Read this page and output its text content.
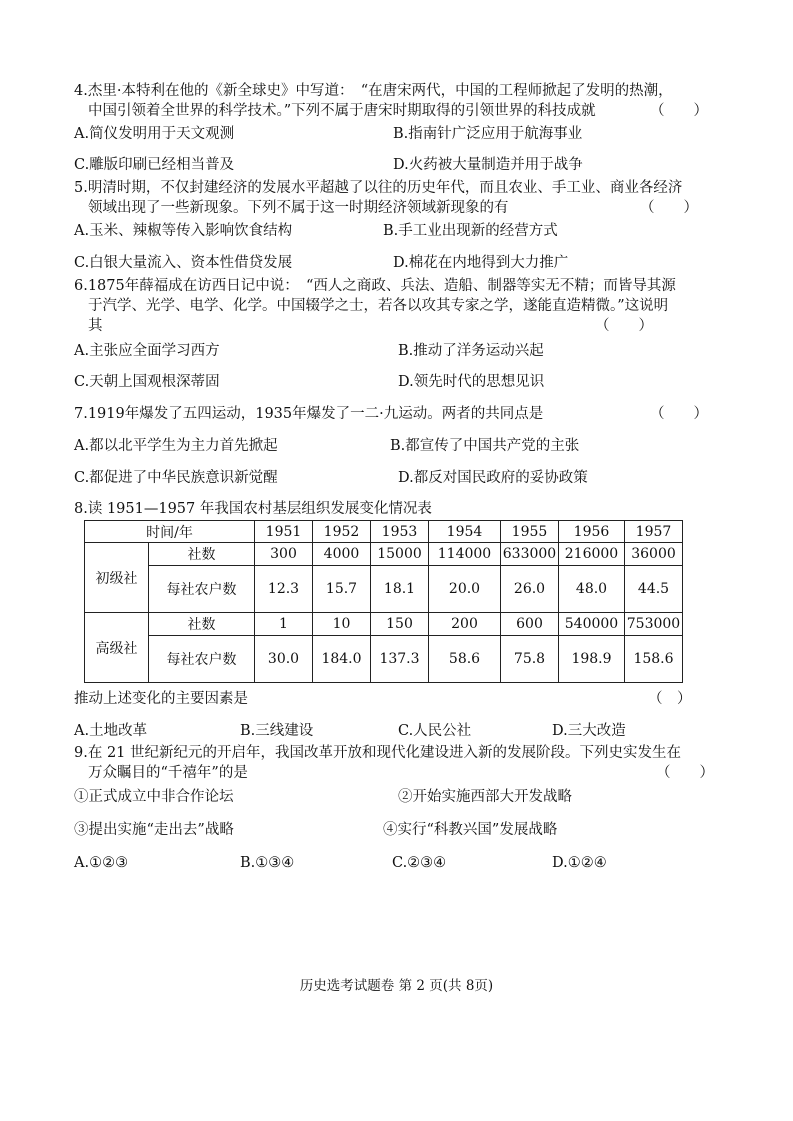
4.杰里·本特利在他的《新全球史》中写道：　“在唐宋两代，中国的工程师掀起了发明的热潮，
中国引领着全世界的科学技术。”下列不属于唐宋时期取得的引领世界的科技成就	（　　）
A.简仪发明用于天文观测	B.指南针广泛应用于航海事业
C.雕版印刷已经相当普及	D.火药被大量制造并用于战争
5.明清时期，不仅封建经济的发展水平超越了以往的历史年代，而且农业、手工业、商业各经济
领域出现了一些新现象。下列不属于这一时期经济领域新现象的有	（　　）
A.玉米、辣椒等传入影响饮食结构	B.手工业出现新的经营方式
C.白银大量流入、资本性借贷发展	D.棉花在内地得到大力推广
6.1875年薛福成在访西日记中说：　“西人之商政、兵法、造船、制器等实无不精；而皆导其源
于汽学、光学、电学、化学。中国辍学之士，若各以攻其专家之学，遂能直造精微。”这说明
其	（　　）
A.主张应全面学习西方	B.推动了洋务运动兴起
C.天朝上国观根深蒂固	D.领先时代的思想见识
7.1919年爆发了五四运动，1935年爆发了一二·九运动。两者的共同点是	（　　）
A.都以北平学生为主力首先掀起	B.都宣传了中国共产党的主张
C.都促进了中华民族意识新觉醒	D.都反对国民政府的妥协政策
8.读 1951—1957 年我国农村基层组织发展变化情况表
时间/年		1951	1952	1953	1954	1955	1956	1957
初级社	社数	300	4000	15000	114000	633000	216000	36000
	每社农户数	12.3	15.7	18.1	20.0	26.0	48.0	44.5
高级社	社数	1	10	150	200	600	540000	753000
	每社农户数	30.0	184.0	137.3	58.6	75.8	198.9	158.6
推动上述变化的主要因素是	（　）
A.土地改革	B.三线建设	C.人民公社	D.三大改造
9.在 21 世纪新纪元的开启年，我国改革开放和现代化建设进入新的发展阶段。下列史实发生在
万众瞩目的“千禧年”的是	（　　）
①正式成立中非合作论坛	②开始实施西部大开发战略
③提出实施“走出去”战略	④实行“科教兴国”发展战略
A.①②③	B.①③④	C.②③④	D.①②④
历史选考试题卷 第 2 页(共 8页)
